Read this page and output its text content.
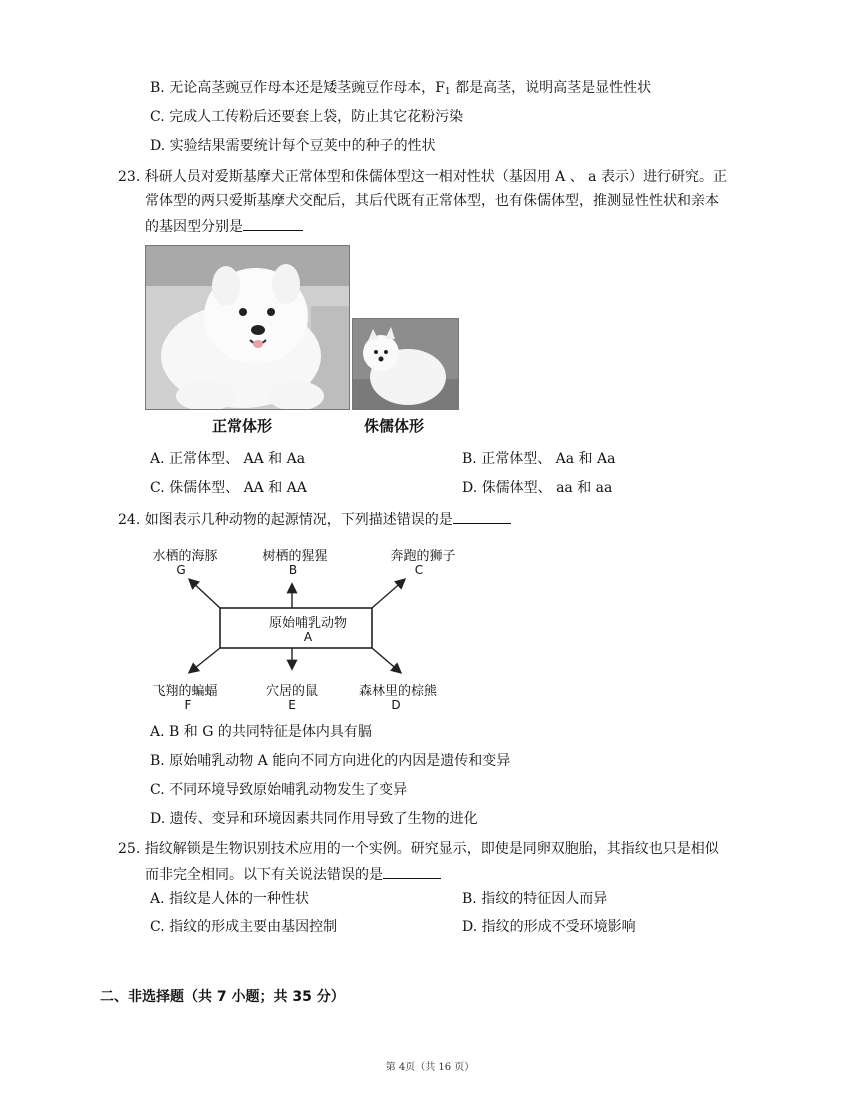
B. 无论高茎豌豆作母本还是矮茎豌豆作母本，$F_1$ 都是高茎，说明高茎是显性性状
C. 完成人工传粉后还要套上袋，防止其它花粉污染
D. 实验结果需要统计每个豆荚中的种子的性状
23. 科研人员对爱斯基摩犬正常体型和侏儒体型这一相对性状（基因用 A 、 a 表示）进行研究。正
常体型的两只爱斯基摩犬交配后，其后代既有正常体型，也有侏儒体型，推测显性性状和亲本
的基因型分别是
正常体形	侏儒体形
A. 正常体型、 AA 和 Aa	B. 正常体型、 Aa 和 Aa
C. 侏儒体型、 AA 和 AA	D. 侏儒体型、 aa 和 aa
24. 如图表示几种动物的起源情况，下列描述错误的是
原始哺乳动物
A
水栖的海豚
G
树栖的猩猩
B
奔跑的狮子
C
飞翔的蝙蝠
F
穴居的鼠
E
森林里的棕熊
D
A. B 和 G 的共同特征是体内具有膈
B. 原始哺乳动物 A 能向不同方向进化的内因是遗传和变异
C. 不同环境导致原始哺乳动物发生了变异
D. 遗传、变异和环境因素共同作用导致了生物的进化
25. 指纹解锁是生物识别技术应用的一个实例。研究显示，即使是同卵双胞胎，其指纹也只是相似
而非完全相同。以下有关说法错误的是
A. 指纹是人体的一种性状	B. 指纹的特征因人而异
C. 指纹的形成主要由基因控制	D. 指纹的形成不受环境影响
二、非选择题（共 7 小题；共 35 分）
第 4页（共 16 页）
